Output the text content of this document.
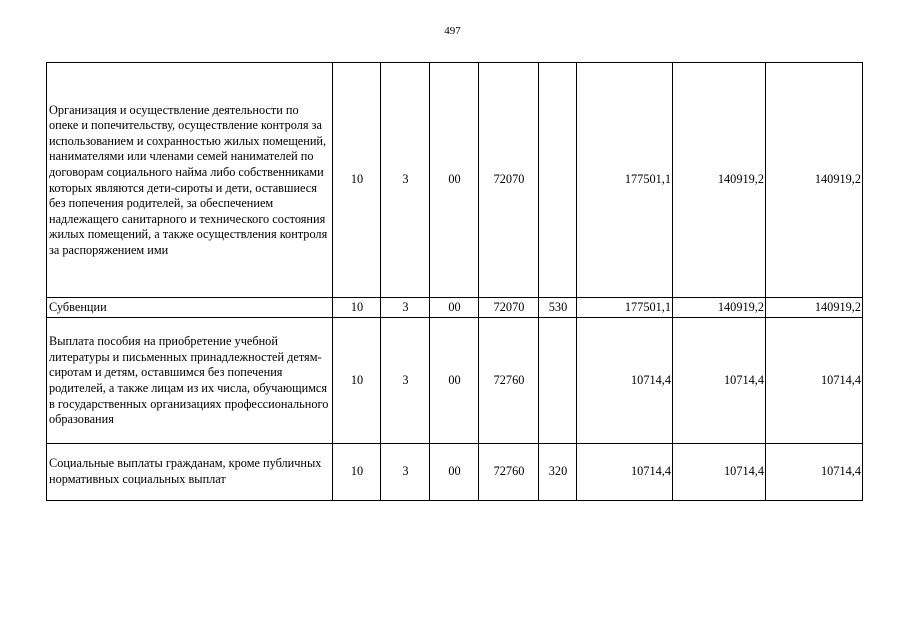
497
Организация и осуществление деятельности по опеке и попечительству, осуществление контроля за использованием и сохранностью жилых помещений, нанимателями или членами семей нанимателей по договорам социального найма либо собственниками которых являются дети-сироты и дети, оставшиеся без попечения родителей, за обеспечением надлежащего санитарного и технического состояния жилых помещений, а также осуществления контроля за распоряжением ими	10	3	00	72070		177501,1	140919,2	140919,2
Субвенции	10	3	00	72070	530	177501,1	140919,2	140919,2
Выплата пособия на приобретение учебной литературы и письменных принадлежностей детям-сиротам и детям, оставшимся без попечения родителей, а также лицам из их числа, обучающимся в государственных организациях профессионального образования	10	3	00	72760		10714,4	10714,4	10714,4
Социальные выплаты гражданам, кроме публичных нормативных социальных выплат	10	3	00	72760	320	10714,4	10714,4	10714,4
